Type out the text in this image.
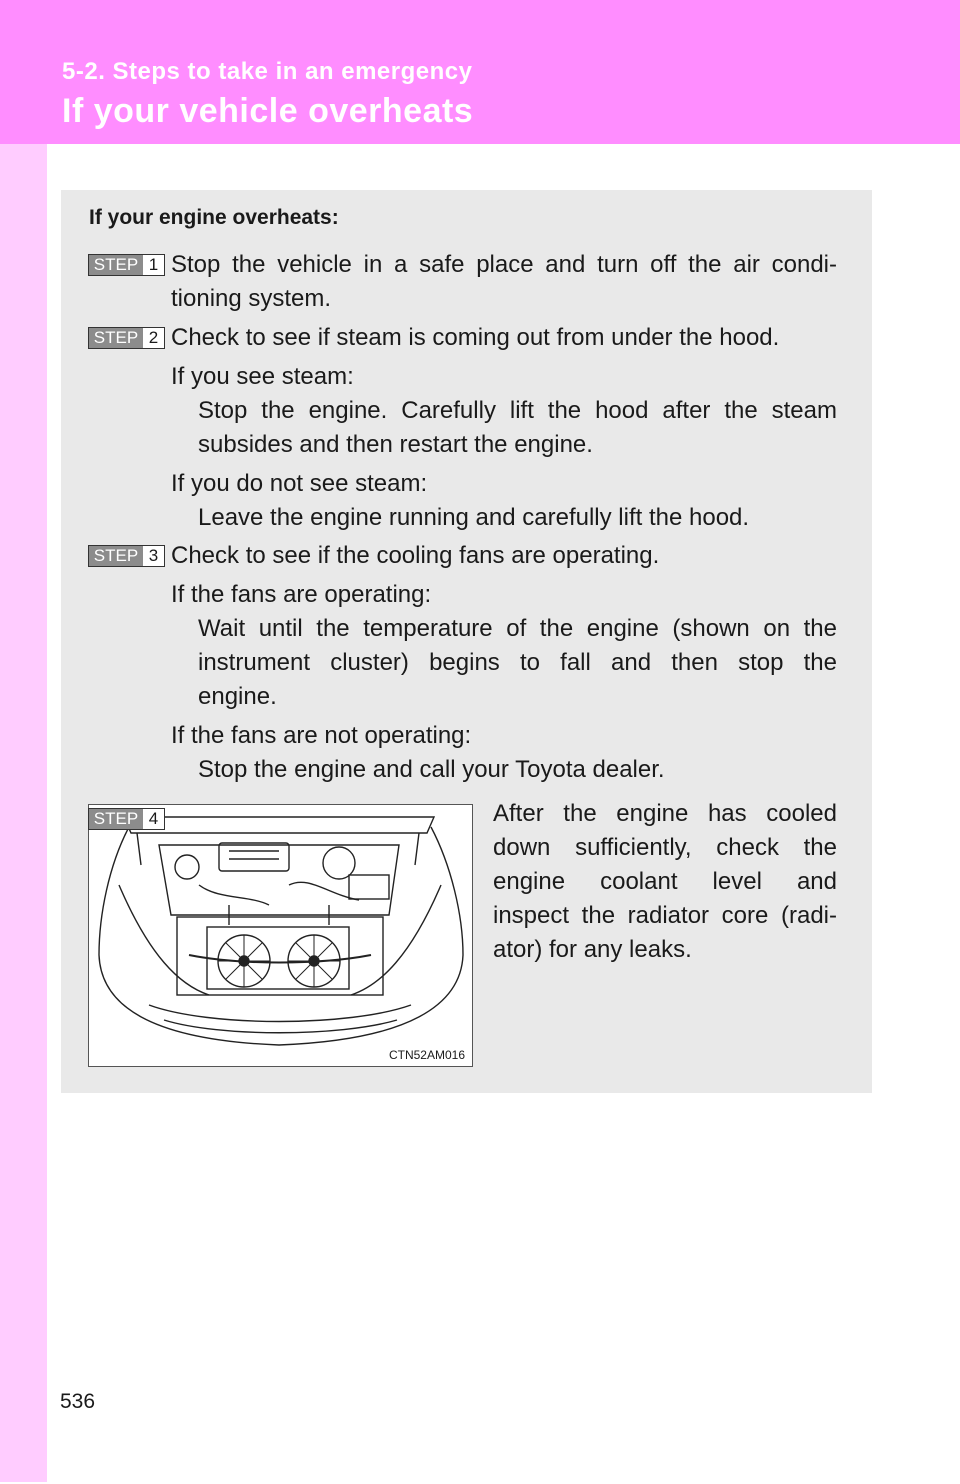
5-2. Steps to take in an emergency
If your vehicle overheats
If your engine overheats:
STEP 1 Stop the vehicle in a safe place and turn off the air condi-
tioning system.
STEP 2 Check to see if steam is coming out from under the hood.
If you see steam:
Stop the engine. Carefully lift the hood after the steam
subsides and then restart the engine.
If you do not see steam:
Leave the engine running and carefully lift the hood.
STEP 3 Check to see if the cooling fans are operating.
If the fans are operating:
Wait until the temperature of the engine (shown on the
instrument cluster) begins to fall and then stop the
engine.
If the fans are not operating:
Stop the engine and call your Toyota dealer.
After the engine has cooled
down sufficiently, check the
engine coolant level and
inspect the radiator core (radi-
ator) for any leaks.
CTN52AM016
STEP 4
536
